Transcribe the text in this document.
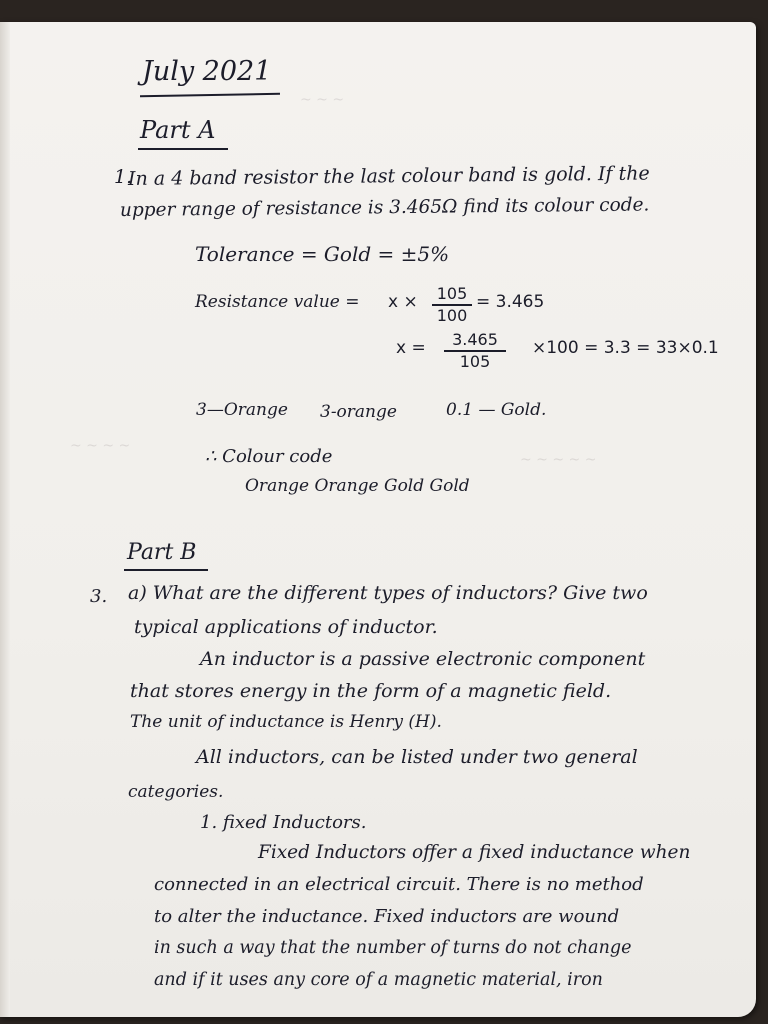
~ ~ ~
~ ~ ~ ~
~ ~ ~ ~ ~
July 2021
Part A
1.
In a 4 band resistor the last colour band is gold. If the
upper range of resistance is 3.465Ω find its colour code.
Tolerance = Gold = ±5%
Resistance value = x × 105
100
= 3.465
x =	3.465
105
×100 = 3.3 = 33×0.1
3—Orange 3-orange	0.1 — Gold.
∴ Colour code
Orange Orange Gold Gold
Part B
3. a) What are the different types of inductors? Give two
typical applications of inductor.
An inductor is a passive electronic component
that stores energy in the form of a magnetic field.
The unit of inductance is Henry (H).
All inductors, can be listed under two general
categories.
1. fixed Inductors.
Fixed Inductors offer a fixed inductance when
connected in an electrical circuit. There is no method
to alter the inductance. Fixed inductors are wound
in such a way that the number of turns do not change
and if it uses any core of a magnetic material, iron
